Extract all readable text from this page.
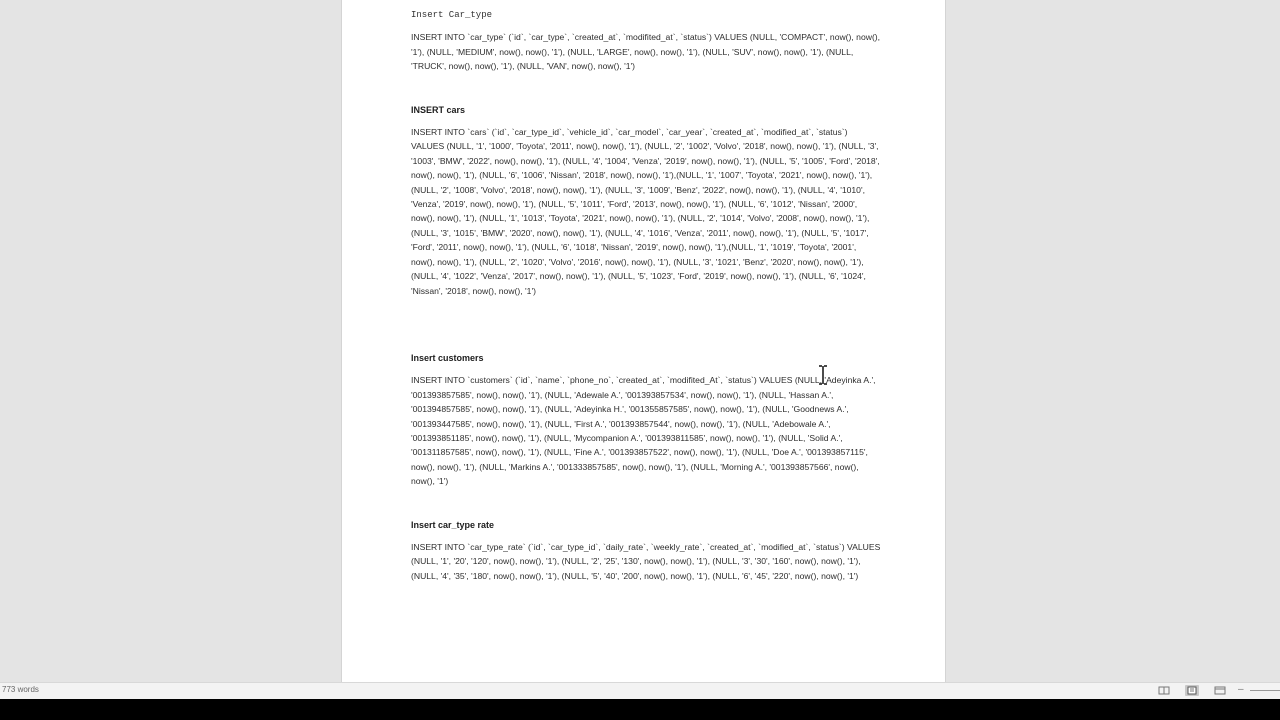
Insert Car_type

INSERT INTO `car_type` (`id`, `car_type`, `created_at`, `modifited_at`, `status`) VALUES (NULL, 'COMPACT', now(), now(), '1'), (NULL, 'MEDIUM', now(), now(), '1'), (NULL, 'LARGE', now(), now(), '1'), (NULL, 'SUV', now(), now(), '1'), (NULL, 'TRUCK', now(), now(), '1'), (NULL, 'VAN', now(), now(), '1')

INSERT cars

INSERT INTO `cars` (`id`, `car_type_id`, `vehicle_id`, `car_model`, `car_year`, `created_at`, `modified_at`, `status`) VALUES (NULL, '1', '1000', 'Toyota', '2011', now(), now(), '1'), (NULL, '2', '1002', 'Volvo', '2018', now(), now(), '1'), (NULL, '3', '1003', 'BMW', '2022', now(), now(), '1'), (NULL, '4', '1004', 'Venza', '2019', now(), now(), '1'), (NULL, '5', '1005', 'Ford', '2018', now(), now(), '1'), (NULL, '6', '1006', 'Nissan', '2018', now(), now(), '1'),(NULL, '1', '1007', 'Toyota', '2021', now(), now(), '1'), (NULL, '2', '1008', 'Volvo', '2018', now(), now(), '1'), (NULL, '3', '1009', 'Benz', '2022', now(), now(), '1'), (NULL, '4', '1010', 'Venza', '2019', now(), now(), '1'), (NULL, '5', '1011', 'Ford', '2013', now(), now(), '1'), (NULL, '6', '1012', 'Nissan', '2000', now(), now(), '1'), (NULL, '1', '1013', 'Toyota', '2021', now(), now(), '1'), (NULL, '2', '1014', 'Volvo', '2008', now(), now(), '1'), (NULL, '3', '1015', 'BMW', '2020', now(), now(), '1'), (NULL, '4', '1016', 'Venza', '2011', now(), now(), '1'), (NULL, '5', '1017', 'Ford', '2011', now(), now(), '1'), (NULL, '6', '1018', 'Nissan', '2019', now(), now(), '1'),(NULL, '1', '1019', 'Toyota', '2001', now(), now(), '1'), (NULL, '2', '1020', 'Volvo', '2016', now(), now(), '1'), (NULL, '3', '1021', 'Benz', '2020', now(), now(), '1'), (NULL, '4', '1022', 'Venza', '2017', now(), now(), '1'), (NULL, '5', '1023', 'Ford', '2019', now(), now(), '1'), (NULL, '6', '1024', 'Nissan', '2018', now(), now(), '1')

Insert customers

INSERT INTO `customers` (`id`, `name`, `phone_no`, `created_at`, `modifited_At`, `status`) VALUES (NULL, 'Adeyinka A.', '001393857585', now(), now(), '1'), (NULL, 'Adewale A.', '001393857534', now(), now(), '1'), (NULL, 'Hassan A.', '001394857585', now(), now(), '1'), (NULL, 'Adeyinka H.', '001355857585', now(), now(), '1'), (NULL, 'Goodnews A.', '001393447585', now(), now(), '1'), (NULL, 'First A.', '001393857544', now(), now(), '1'), (NULL, 'Adebowale A.', '001393851185', now(), now(), '1'), (NULL, 'Mycompanion A.', '001393811585', now(), now(), '1'), (NULL, 'Solid A.', '001311857585', now(), now(), '1'), (NULL, 'Fine A.', '001393857522', now(), now(), '1'), (NULL, 'Doe A.', '001393857115', now(), now(), '1'), (NULL, 'Markins A.', '001333857585', now(), now(), '1'), (NULL, 'Morning A.', '001393857566', now(), now(), '1')

Insert car_type rate

INSERT INTO `car_type_rate` (`id`, `car_type_id`, `daily_rate`, `weekly_rate`, `created_at`, `modified_at`, `status`) VALUES (NULL, '1', '20', '120', now(), now(), '1'), (NULL, '2', '25', '130', now(), now(), '1'), (NULL, '3', '30', '160', now(), now(), '1'), (NULL, '4', '35', '180', now(), now(), '1'), (NULL, '5', '40', '200', now(), now(), '1'), (NULL, '6', '45', '220', now(), now(), '1')

773 words	–
